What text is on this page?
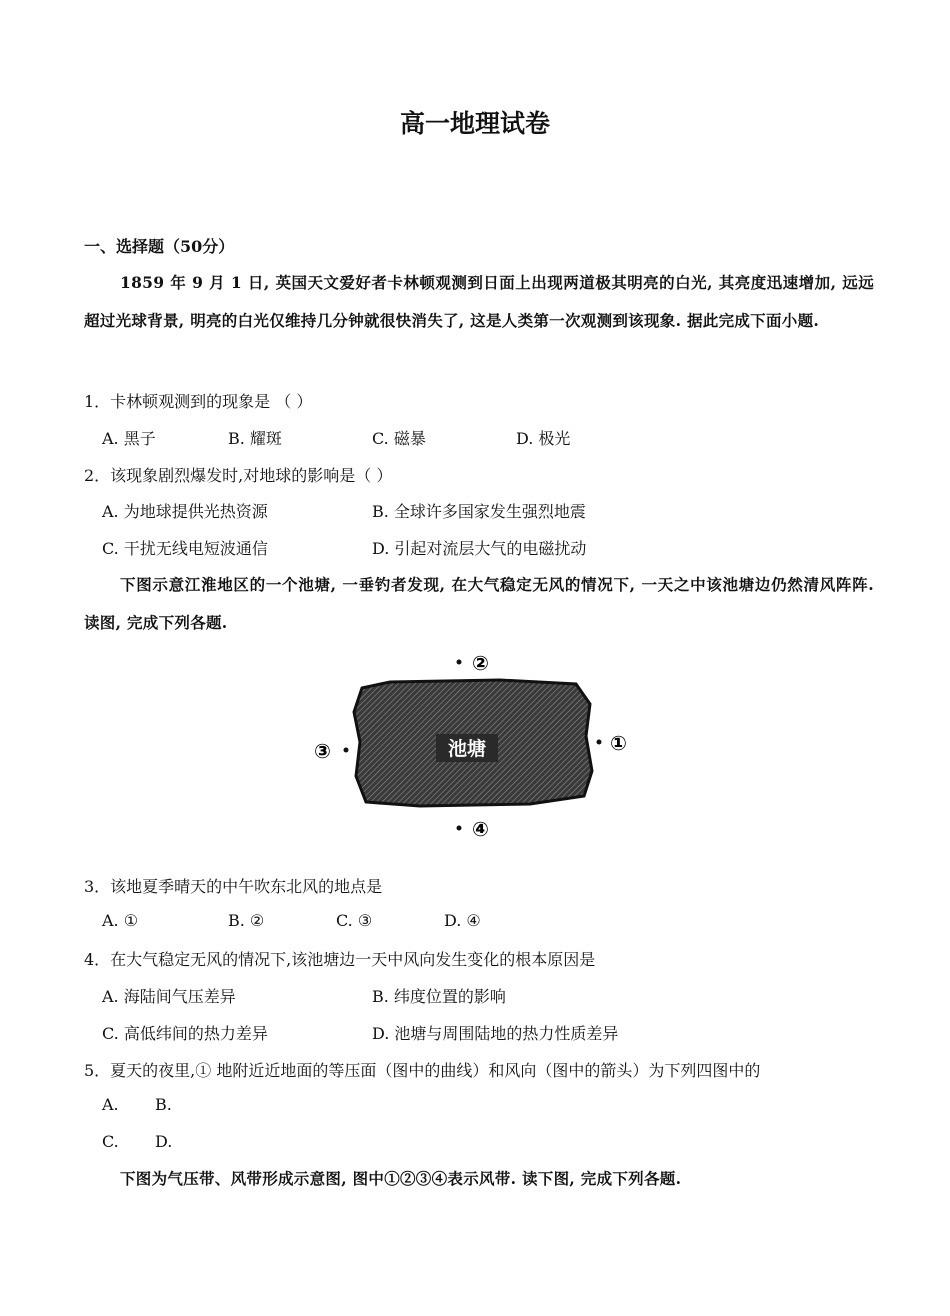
高一地理试卷
一、选择题（50分）
1859 年 9 月 1 日, 英国天文爱好者卡林顿观测到日面上出现两道极其明亮的白光, 其亮度迅速增加, 远远超过光球背景, 明亮的白光仅维持几分钟就很快消失了, 这是人类第一次观测到该现象. 据此完成下面小题.
1．卡林顿观测到的现象是 （ ）
A. 黑子	B. 耀斑	C. 磁暴	D. 极光
2．该现象剧烈爆发时,对地球的影响是（ ）
A. 为地球提供光热资源	B. 全球许多国家发生强烈地震
C. 干扰无线电短波通信	D. 引起对流层大气的电磁扰动
下图示意江淮地区的一个池塘, 一垂钓者发现, 在大气稳定无风的情况下, 一天之中该池塘边仍然清风阵阵. 读图, 完成下列各题.
池塘
②
①
③
④
3．该地夏季晴天的中午吹东北风的地点是
A. ①	B. ②	C. ③	D. ④
4．在大气稳定无风的情况下,该池塘边一天中风向发生变化的根本原因是
A. 海陆间气压差异	B. 纬度位置的影响
C. 高低纬间的热力差异	D. 池塘与周围陆地的热力性质差异
5．夏天的夜里,① 地附近近地面的等压面（图中的曲线）和风向（图中的箭头）为下列四图中的
A. B.
C. D.
下图为气压带、风带形成示意图, 图中①②③④表示风带. 读下图, 完成下列各题.
